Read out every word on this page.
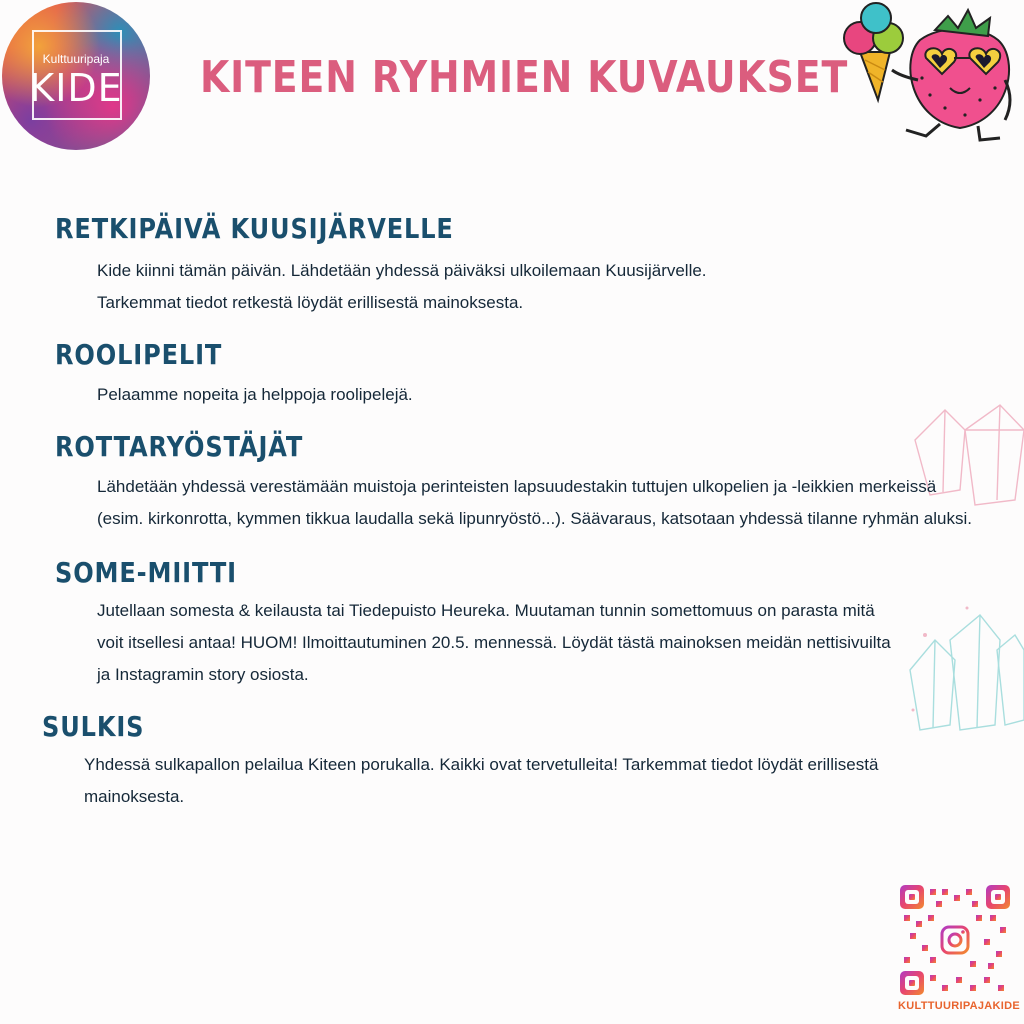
Kulttuuripaja
KIDE	KITEEN RYHMIEN KUVAUKSET
RETKIPÄIVÄ KUUSIJÄRVELLE
Kide kiinni tämän päivän. Lähdetään yhdessä päiväksi ulkoilemaan Kuusijärvelle.
Tarkemmat tiedot retkestä löydät erillisestä mainoksesta.
ROOLIPELIT
Pelaamme nopeita ja helppoja roolipelejä.
ROTTARYÖSTÄJÄT
Lähdetään yhdessä verestämään muistoja perinteisten lapsuudestakin tuttujen ulkopelien ja -leikkien merkeissä
(esim. kirkonrotta, kymmen tikkua laudalla sekä lipunryöstö...). Säävaraus, katsotaan yhdessä tilanne ryhmän aluksi.
SOME-MIITTI
Jutellaan somesta & keilausta tai Tiedepuisto Heureka. Muutaman tunnin somettomuus on parasta mitä
voit itsellesi antaa! HUOM! Ilmoittautuminen 20.5. mennessä. Löydät tästä mainoksen meidän nettisivuilta
ja Instagramin story osiosta.
SULKIS
Yhdessä sulkapallon pelailua Kiteen porukalla. Kaikki ovat tervetulleita! Tarkemmat tiedot löydät erillisestä
mainoksesta.
KULTTUURIPAJAKIDE
